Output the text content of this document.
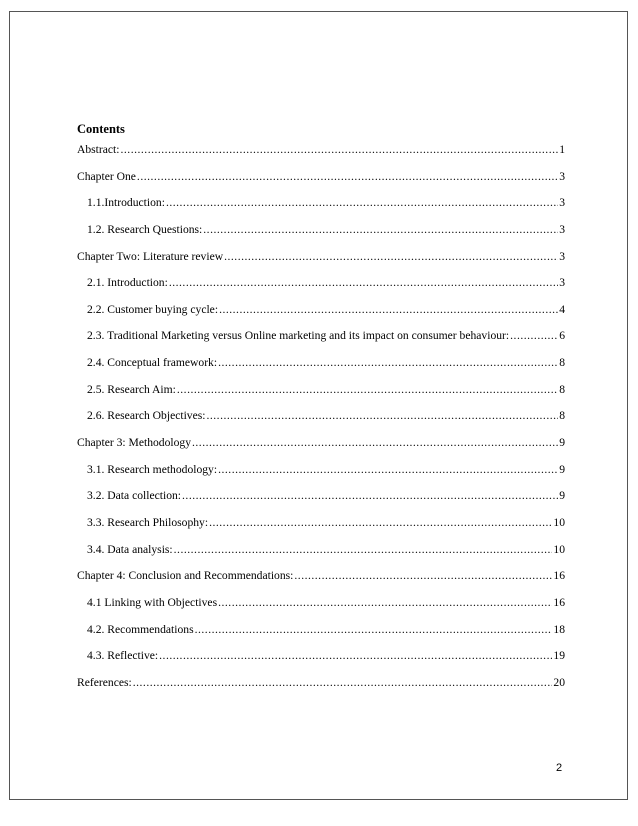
Contents
Abstract: .....	1
Chapter One .....	3
1.1. Introduction: .....	3
1.2. Research Questions: .....	3
Chapter Two: Literature review .....	3
2.1. Introduction: .....	3
2.2. Customer buying cycle: .....	4
2.3. Traditional Marketing versus Online marketing and its impact on consumer behaviour: .....	6
2.4. Conceptual framework: .....	8
2.5. Research Aim: .....	8
2.6. Research Objectives: .....	8
Chapter 3: Methodology .....	9
3.1. Research methodology: .....	9
3.2. Data collection: .....	9
3.3. Research Philosophy: .....	10
3.4. Data analysis: .....	10
Chapter 4: Conclusion and Recommendations: .....	16
4.1 Linking with Objectives .....	16
4.2. Recommendations .....	18
4.3. Reflective: .....	19
References: .....	20
2
